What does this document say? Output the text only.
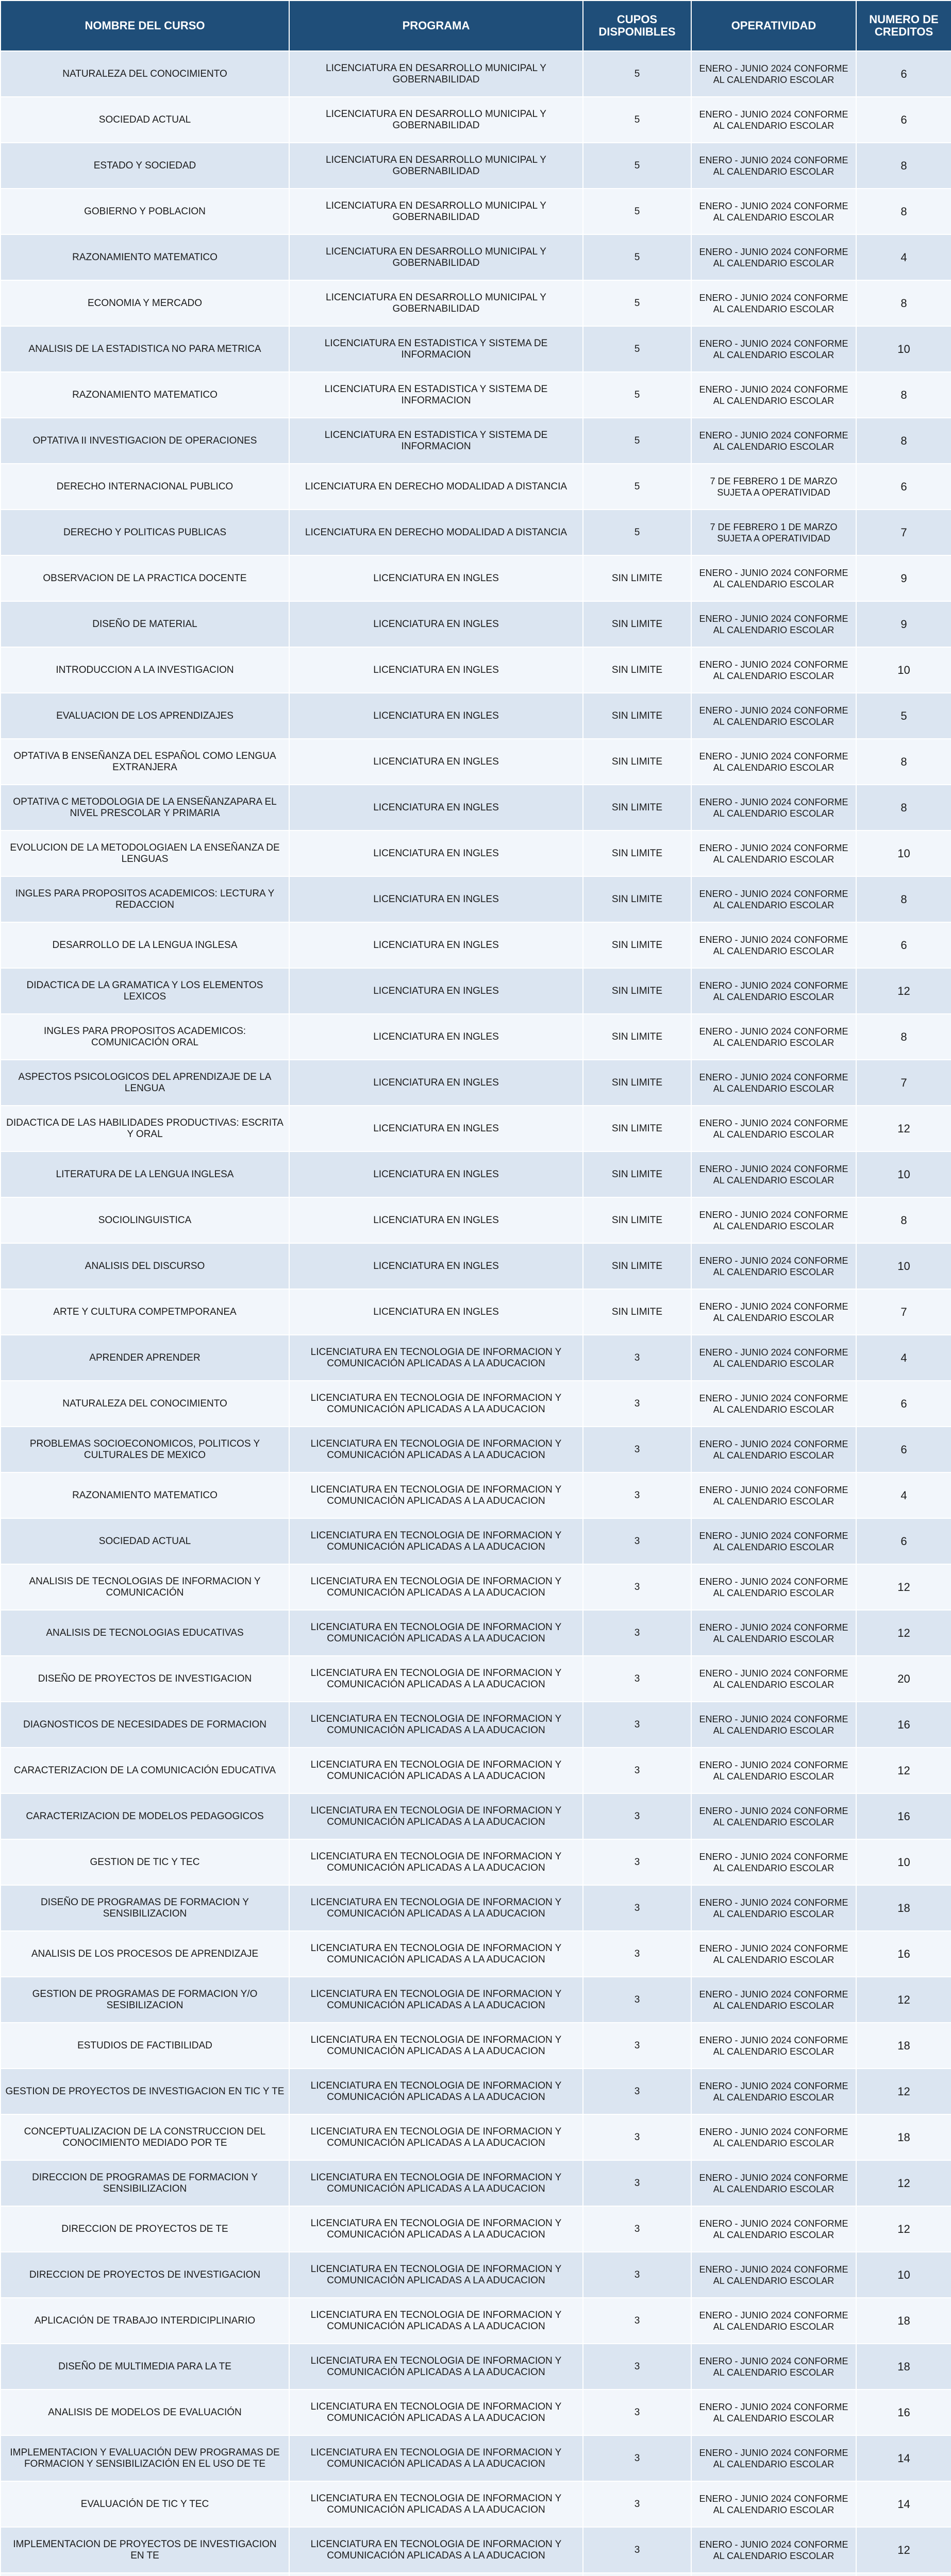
NOMBRE DEL CURSO	PROGRAMA	CUPOS DISPONIBLES	OPERATIVIDAD	NUMERO DE CREDITOS
NATURALEZA DEL CONOCIMIENTO	LICENCIATURA EN DESARROLLO MUNICIPAL Y GOBERNABILIDAD	5	ENERO - JUNIO 2024 CONFORME AL CALENDARIO ESCOLAR	6
SOCIEDAD ACTUAL	LICENCIATURA EN DESARROLLO MUNICIPAL Y GOBERNABILIDAD	5	ENERO - JUNIO 2024 CONFORME AL CALENDARIO ESCOLAR	6
ESTADO Y SOCIEDAD	LICENCIATURA EN DESARROLLO MUNICIPAL Y GOBERNABILIDAD	5	ENERO - JUNIO 2024 CONFORME AL CALENDARIO ESCOLAR	8
GOBIERNO Y POBLACION	LICENCIATURA EN DESARROLLO MUNICIPAL Y GOBERNABILIDAD	5	ENERO - JUNIO 2024 CONFORME AL CALENDARIO ESCOLAR	8
RAZONAMIENTO MATEMATICO	LICENCIATURA EN DESARROLLO MUNICIPAL Y GOBERNABILIDAD	5	ENERO - JUNIO 2024 CONFORME AL CALENDARIO ESCOLAR	4
ECONOMIA Y MERCADO	LICENCIATURA EN DESARROLLO MUNICIPAL Y GOBERNABILIDAD	5	ENERO - JUNIO 2024 CONFORME AL CALENDARIO ESCOLAR	8
ANALISIS DE LA ESTADISTICA NO PARA METRICA	LICENCIATURA EN ESTADISTICA Y SISTEMA DE INFORMACION	5	ENERO - JUNIO 2024 CONFORME AL CALENDARIO ESCOLAR	10
RAZONAMIENTO MATEMATICO	LICENCIATURA EN ESTADISTICA Y SISTEMA DE INFORMACION	5	ENERO - JUNIO 2024 CONFORME AL CALENDARIO ESCOLAR	8
OPTATIVA II INVESTIGACION DE OPERACIONES	LICENCIATURA EN ESTADISTICA Y SISTEMA DE INFORMACION	5	ENERO - JUNIO 2024 CONFORME AL CALENDARIO ESCOLAR	8
DERECHO INTERNACIONAL PUBLICO	LICENCIATURA EN DERECHO MODALIDAD A DISTANCIA	5	7 DE FEBRERO 1 DE MARZO SUJETA A OPERATIVIDAD	6
DERECHO Y POLITICAS PUBLICAS	LICENCIATURA EN DERECHO MODALIDAD A DISTANCIA	5	7 DE FEBRERO 1 DE MARZO SUJETA A OPERATIVIDAD	7
OBSERVACION DE LA PRACTICA DOCENTE	LICENCIATURA EN INGLES	SIN LIMITE	ENERO - JUNIO 2024 CONFORME AL CALENDARIO ESCOLAR	9
DISEÑO DE MATERIAL	LICENCIATURA EN INGLES	SIN LIMITE	ENERO - JUNIO 2024 CONFORME AL CALENDARIO ESCOLAR	9
INTRODUCCION A LA INVESTIGACION	LICENCIATURA EN INGLES	SIN LIMITE	ENERO - JUNIO 2024 CONFORME AL CALENDARIO ESCOLAR	10
EVALUACION DE LOS APRENDIZAJES	LICENCIATURA EN INGLES	SIN LIMITE	ENERO - JUNIO 2024 CONFORME AL CALENDARIO ESCOLAR	5
OPTATIVA B ENSEÑANZA DEL ESPAÑOL COMO LENGUA EXTRANJERA	LICENCIATURA EN INGLES	SIN LIMITE	ENERO - JUNIO 2024 CONFORME AL CALENDARIO ESCOLAR	8
OPTATIVA C METODOLOGIA DE LA ENSEÑANZAPARA EL NIVEL PRESCOLAR Y PRIMARIA	LICENCIATURA EN INGLES	SIN LIMITE	ENERO - JUNIO 2024 CONFORME AL CALENDARIO ESCOLAR	8
EVOLUCION DE LA METODOLOGIAEN LA ENSEÑANZA DE LENGUAS	LICENCIATURA EN INGLES	SIN LIMITE	ENERO - JUNIO 2024 CONFORME AL CALENDARIO ESCOLAR	10
INGLES PARA PROPOSITOS ACADEMICOS: LECTURA Y REDACCION	LICENCIATURA EN INGLES	SIN LIMITE	ENERO - JUNIO 2024 CONFORME AL CALENDARIO ESCOLAR	8
DESARROLLO DE LA LENGUA INGLESA	LICENCIATURA EN INGLES	SIN LIMITE	ENERO - JUNIO 2024 CONFORME AL CALENDARIO ESCOLAR	6
DIDACTICA DE LA GRAMATICA Y LOS ELEMENTOS LEXICOS	LICENCIATURA EN INGLES	SIN LIMITE	ENERO - JUNIO 2024 CONFORME AL CALENDARIO ESCOLAR	12
INGLES PARA PROPOSITOS ACADEMICOS: COMUNICACIÓN ORAL	LICENCIATURA EN INGLES	SIN LIMITE	ENERO - JUNIO 2024 CONFORME AL CALENDARIO ESCOLAR	8
ASPECTOS PSICOLOGICOS DEL APRENDIZAJE DE LA LENGUA	LICENCIATURA EN INGLES	SIN LIMITE	ENERO - JUNIO 2024 CONFORME AL CALENDARIO ESCOLAR	7
DIDACTICA DE LAS HABILIDADES PRODUCTIVAS: ESCRITA Y ORAL	LICENCIATURA EN INGLES	SIN LIMITE	ENERO - JUNIO 2024 CONFORME AL CALENDARIO ESCOLAR	12
LITERATURA DE LA LENGUA INGLESA	LICENCIATURA EN INGLES	SIN LIMITE	ENERO - JUNIO 2024 CONFORME AL CALENDARIO ESCOLAR	10
SOCIOLINGUISTICA	LICENCIATURA EN INGLES	SIN LIMITE	ENERO - JUNIO 2024 CONFORME AL CALENDARIO ESCOLAR	8
ANALISIS DEL DISCURSO	LICENCIATURA EN INGLES	SIN LIMITE	ENERO - JUNIO 2024 CONFORME AL CALENDARIO ESCOLAR	10
ARTE Y CULTURA COMPETMPORANEA	LICENCIATURA EN INGLES	SIN LIMITE	ENERO - JUNIO 2024 CONFORME AL CALENDARIO ESCOLAR	7
APRENDER APRENDER	LICENCIATURA EN TECNOLOGIA DE INFORMACION Y COMUNICACIÓN APLICADAS A LA ADUCACION	3	ENERO - JUNIO 2024 CONFORME AL CALENDARIO ESCOLAR	4
NATURALEZA DEL CONOCIMIENTO	LICENCIATURA EN TECNOLOGIA DE INFORMACION Y COMUNICACIÓN APLICADAS A LA ADUCACION	3	ENERO - JUNIO 2024 CONFORME AL CALENDARIO ESCOLAR	6
PROBLEMAS SOCIOECONOMICOS, POLITICOS Y CULTURALES DE MEXICO	LICENCIATURA EN TECNOLOGIA DE INFORMACION Y COMUNICACIÓN APLICADAS A LA ADUCACION	3	ENERO - JUNIO 2024 CONFORME AL CALENDARIO ESCOLAR	6
RAZONAMIENTO MATEMATICO	LICENCIATURA EN TECNOLOGIA DE INFORMACION Y COMUNICACIÓN APLICADAS A LA ADUCACION	3	ENERO - JUNIO 2024 CONFORME AL CALENDARIO ESCOLAR	4
SOCIEDAD ACTUAL	LICENCIATURA EN TECNOLOGIA DE INFORMACION Y COMUNICACIÓN APLICADAS A LA ADUCACION	3	ENERO - JUNIO 2024 CONFORME AL CALENDARIO ESCOLAR	6
ANALISIS DE TECNOLOGIAS DE INFORMACION Y COMUNICACIÓN	LICENCIATURA EN TECNOLOGIA DE INFORMACION Y COMUNICACIÓN APLICADAS A LA ADUCACION	3	ENERO - JUNIO 2024 CONFORME AL CALENDARIO ESCOLAR	12
ANALISIS DE TECNOLOGIAS EDUCATIVAS	LICENCIATURA EN TECNOLOGIA DE INFORMACION Y COMUNICACIÓN APLICADAS A LA ADUCACION	3	ENERO - JUNIO 2024 CONFORME AL CALENDARIO ESCOLAR	12
DISEÑO DE PROYECTOS DE INVESTIGACION	LICENCIATURA EN TECNOLOGIA DE INFORMACION Y COMUNICACIÓN APLICADAS A LA ADUCACION	3	ENERO - JUNIO 2024 CONFORME AL CALENDARIO ESCOLAR	20
DIAGNOSTICOS DE NECESIDADES DE FORMACION	LICENCIATURA EN TECNOLOGIA DE INFORMACION Y COMUNICACIÓN APLICADAS A LA ADUCACION	3	ENERO - JUNIO 2024 CONFORME AL CALENDARIO ESCOLAR	16
CARACTERIZACION DE LA COMUNICACIÓN EDUCATIVA	LICENCIATURA EN TECNOLOGIA DE INFORMACION Y COMUNICACIÓN APLICADAS A LA ADUCACION	3	ENERO - JUNIO 2024 CONFORME AL CALENDARIO ESCOLAR	12
CARACTERIZACION DE MODELOS PEDAGOGICOS	LICENCIATURA EN TECNOLOGIA DE INFORMACION Y COMUNICACIÓN APLICADAS A LA ADUCACION	3	ENERO - JUNIO 2024 CONFORME AL CALENDARIO ESCOLAR	16
GESTION DE TIC Y TEC	LICENCIATURA EN TECNOLOGIA DE INFORMACION Y COMUNICACIÓN APLICADAS A LA ADUCACION	3	ENERO - JUNIO 2024 CONFORME AL CALENDARIO ESCOLAR	10
DISEÑO DE PROGRAMAS DE FORMACION Y SENSIBILIZACION	LICENCIATURA EN TECNOLOGIA DE INFORMACION Y COMUNICACIÓN APLICADAS A LA ADUCACION	3	ENERO - JUNIO 2024 CONFORME AL CALENDARIO ESCOLAR	18
ANALISIS DE LOS PROCESOS DE APRENDIZAJE	LICENCIATURA EN TECNOLOGIA DE INFORMACION Y COMUNICACIÓN APLICADAS A LA ADUCACION	3	ENERO - JUNIO 2024 CONFORME AL CALENDARIO ESCOLAR	16
GESTION DE PROGRAMAS DE FORMACION Y/O SESIBILIZACION	LICENCIATURA EN TECNOLOGIA DE INFORMACION Y COMUNICACIÓN APLICADAS A LA ADUCACION	3	ENERO - JUNIO 2024 CONFORME AL CALENDARIO ESCOLAR	12
ESTUDIOS DE FACTIBILIDAD	LICENCIATURA EN TECNOLOGIA DE INFORMACION Y COMUNICACIÓN APLICADAS A LA ADUCACION	3	ENERO - JUNIO 2024 CONFORME AL CALENDARIO ESCOLAR	18
GESTION DE PROYECTOS DE INVESTIGACION EN TIC Y TE	LICENCIATURA EN TECNOLOGIA DE INFORMACION Y COMUNICACIÓN APLICADAS A LA ADUCACION	3	ENERO - JUNIO 2024 CONFORME AL CALENDARIO ESCOLAR	12
CONCEPTUALIZACION DE LA CONSTRUCCION DEL CONOCIMIENTO MEDIADO POR TE	LICENCIATURA EN TECNOLOGIA DE INFORMACION Y COMUNICACIÓN APLICADAS A LA ADUCACION	3	ENERO - JUNIO 2024 CONFORME AL CALENDARIO ESCOLAR	18
DIRECCION DE PROGRAMAS DE FORMACION Y SENSIBILIZACION	LICENCIATURA EN TECNOLOGIA DE INFORMACION Y COMUNICACIÓN APLICADAS A LA ADUCACION	3	ENERO - JUNIO 2024 CONFORME AL CALENDARIO ESCOLAR	12
DIRECCION DE PROYECTOS DE TE	LICENCIATURA EN TECNOLOGIA DE INFORMACION Y COMUNICACIÓN APLICADAS A LA ADUCACION	3	ENERO - JUNIO 2024 CONFORME AL CALENDARIO ESCOLAR	12
DIRECCION DE PROYECTOS DE INVESTIGACION	LICENCIATURA EN TECNOLOGIA DE INFORMACION Y COMUNICACIÓN APLICADAS A LA ADUCACION	3	ENERO - JUNIO 2024 CONFORME AL CALENDARIO ESCOLAR	10
APLICACIÓN DE TRABAJO INTERDICIPLINARIO	LICENCIATURA EN TECNOLOGIA DE INFORMACION Y COMUNICACIÓN APLICADAS A LA ADUCACION	3	ENERO - JUNIO 2024 CONFORME AL CALENDARIO ESCOLAR	18
DISEÑO DE MULTIMEDIA PARA LA TE	LICENCIATURA EN TECNOLOGIA DE INFORMACION Y COMUNICACIÓN APLICADAS A LA ADUCACION	3	ENERO - JUNIO 2024 CONFORME AL CALENDARIO ESCOLAR	18
ANALISIS DE MODELOS DE EVALUACIÓN	LICENCIATURA EN TECNOLOGIA DE INFORMACION Y COMUNICACIÓN APLICADAS A LA ADUCACION	3	ENERO - JUNIO 2024 CONFORME AL CALENDARIO ESCOLAR	16
IMPLEMENTACION Y EVALUACIÓN DEW PROGRAMAS DE FORMACION Y SENSIBILIZACIÓN EN EL USO DE TE	LICENCIATURA EN TECNOLOGIA DE INFORMACION Y COMUNICACIÓN APLICADAS A LA ADUCACION	3	ENERO - JUNIO 2024 CONFORME AL CALENDARIO ESCOLAR	14
EVALUACIÓN DE TIC Y TEC	LICENCIATURA EN TECNOLOGIA DE INFORMACION Y COMUNICACIÓN APLICADAS A LA ADUCACION	3	ENERO - JUNIO 2024 CONFORME AL CALENDARIO ESCOLAR	14
IMPLEMENTACION DE PROYECTOS DE INVESTIGACION EN TE	LICENCIATURA EN TECNOLOGIA DE INFORMACION Y COMUNICACIÓN APLICADAS A LA ADUCACION	3	ENERO - JUNIO 2024 CONFORME AL CALENDARIO ESCOLAR	12
